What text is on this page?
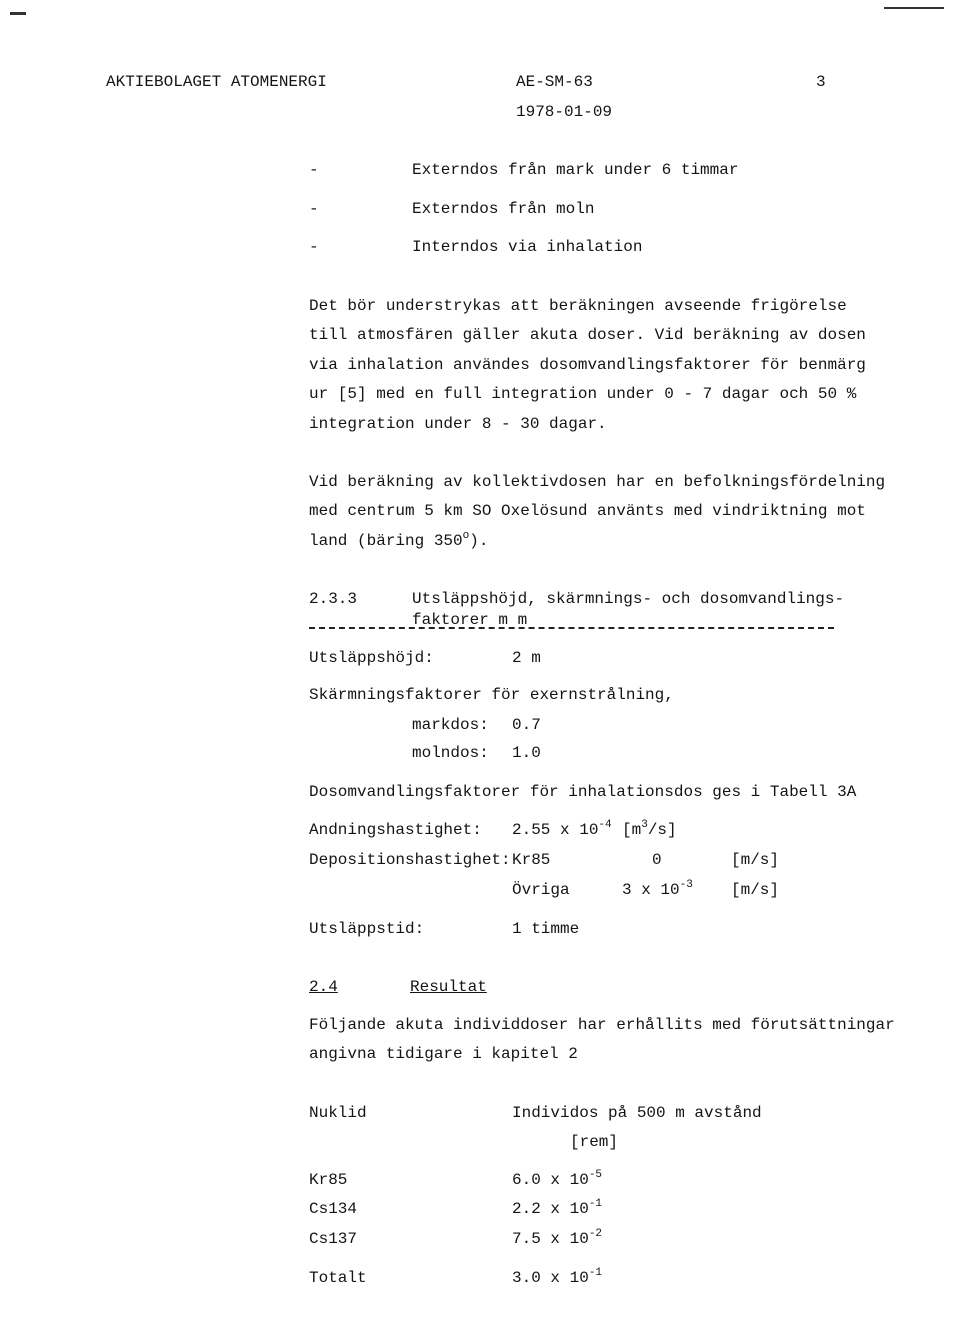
AKTIEBOLAGET ATOMENERGI	AE-SM-63	3
1978-01-09
-	Externdos från mark under 6 timmar
-	Externdos från moln
-	Interndos via inhalation
Det bör understrykas att beräkningen avseende frigörelse
till atmosfären gäller akuta doser. Vid beräkning av dosen
via inhalation användes dosomvandlingsfaktorer för benmärg
ur [5] med en full integration under 0 - 7 dagar och 50 %
integration under 8 - 30 dagar.
Vid beräkning av kollektivdosen har en befolkningsfördelning
med centrum 5 km SO Oxelösund använts med vindriktning mot
land (bäring 350$^o$).
2.3.3	Utsläppshöjd, skärmnings- och dosomvandlings-
faktorer m m
Utsläppshöjd:	2 m
Skärmningsfaktorer för exernstrålning,
markdos: 0.7
molndos: 1.0
Dosomvandlingsfaktorer för inhalationsdos ges i Tabell 3A
Andningshastighet: 2.55 x $10^{-4}$ $[m^3/s]$
Depositionshastighet: Kr85	0	[m/s]
Övriga	3 x $10^{-3}$ [m/s]
Utsläppstid:	1 timme
2.4	Resultat
Följande akuta individdoser har erhållits med förutsättningar
angivna tidigare i kapitel 2
Nuklid	Individos på 500 m avstånd
[rem]
Kr85	6.0 x $10^{-5}$
Cs134	2.2 x $10^{-1}$
Cs137	7.5 x $10^{-2}$
Totalt	3.0 x $10^{-1}$
